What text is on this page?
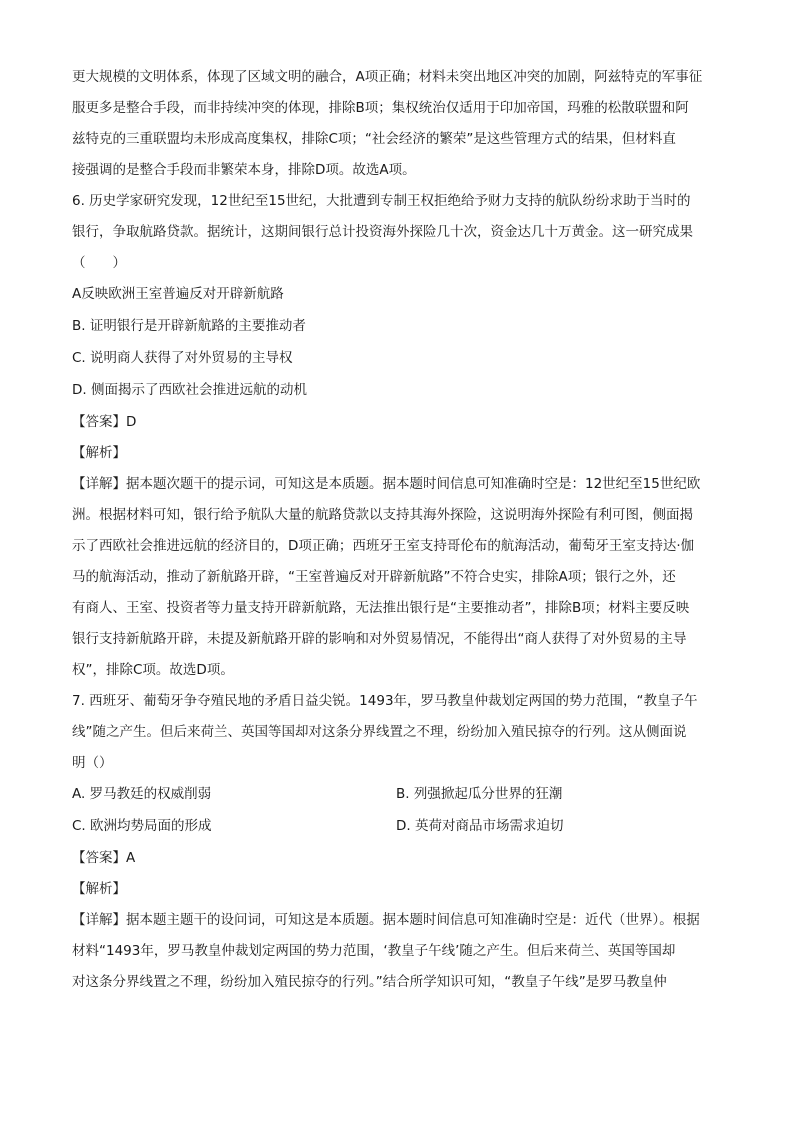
更大规模的文明体系，体现了区域文明的融合，A项正确；材料未突出地区冲突的加剧，阿兹特克的军事征
服更多是整合手段，而非持续冲突的体现，排除B项；集权统治仅适用于印加帝国，玛雅的松散联盟和阿
兹特克的三重联盟均未形成高度集权，排除C项；“社会经济的繁荣”是这些管理方式的结果，但材料直
接强调的是整合手段而非繁荣本身，排除D项。故选A项。
6. 历史学家研究发现，12世纪至15世纪，大批遭到专制王权拒绝给予财力支持的航队纷纷求助于当时的
银行，争取航路贷款。据统计，这期间银行总计投资海外探险几十次，资金达几十万黄金。这一研究成果
（　　）
A反映欧洲王室普遍反对开辟新航路
B. 证明银行是开辟新航路的主要推动者
C. 说明商人获得了对外贸易的主导权
D. 侧面揭示了西欧社会推进远航的动机
【答案】D
【解析】
【详解】据本题次题干的提示词，可知这是本质题。据本题时间信息可知准确时空是：12世纪至15世纪欧
洲。根据材料可知，银行给予航队大量的航路贷款以支持其海外探险，这说明海外探险有利可图，侧面揭
示了西欧社会推进远航的经济目的，D项正确；西班牙王室支持哥伦布的航海活动，葡萄牙王室支持达·伽
马的航海活动，推动了新航路开辟，“王室普遍反对开辟新航路”不符合史实，排除A项；银行之外，还
有商人、王室、投资者等力量支持开辟新航路，无法推出银行是“主要推动者”，排除B项；材料主要反映
银行支持新航路开辟，未提及新航路开辟的影响和对外贸易情况，不能得出“商人获得了对外贸易的主导
权”，排除C项。故选D项。
7. 西班牙、葡萄牙争夺殖民地的矛盾日益尖锐。1493年，罗马教皇仲裁划定两国的势力范围，“教皇子午
线”随之产生。但后来荷兰、英国等国却对这条分界线置之不理，纷纷加入殖民掠夺的行列。这从侧面说
明（）
A. 罗马教廷的权威削弱	B. 列强掀起瓜分世界的狂潮
C. 欧洲均势局面的形成	D. 英荷对商品市场需求迫切
【答案】A
【解析】
【详解】据本题主题干的设问词，可知这是本质题。据本题时间信息可知准确时空是：近代（世界）。根据
材料“1493年，罗马教皇仲裁划定两国的势力范围，‘教皇子午线’随之产生。但后来荷兰、英国等国却
对这条分界线置之不理，纷纷加入殖民掠夺的行列。”结合所学知识可知，“教皇子午线”是罗马教皇仲
